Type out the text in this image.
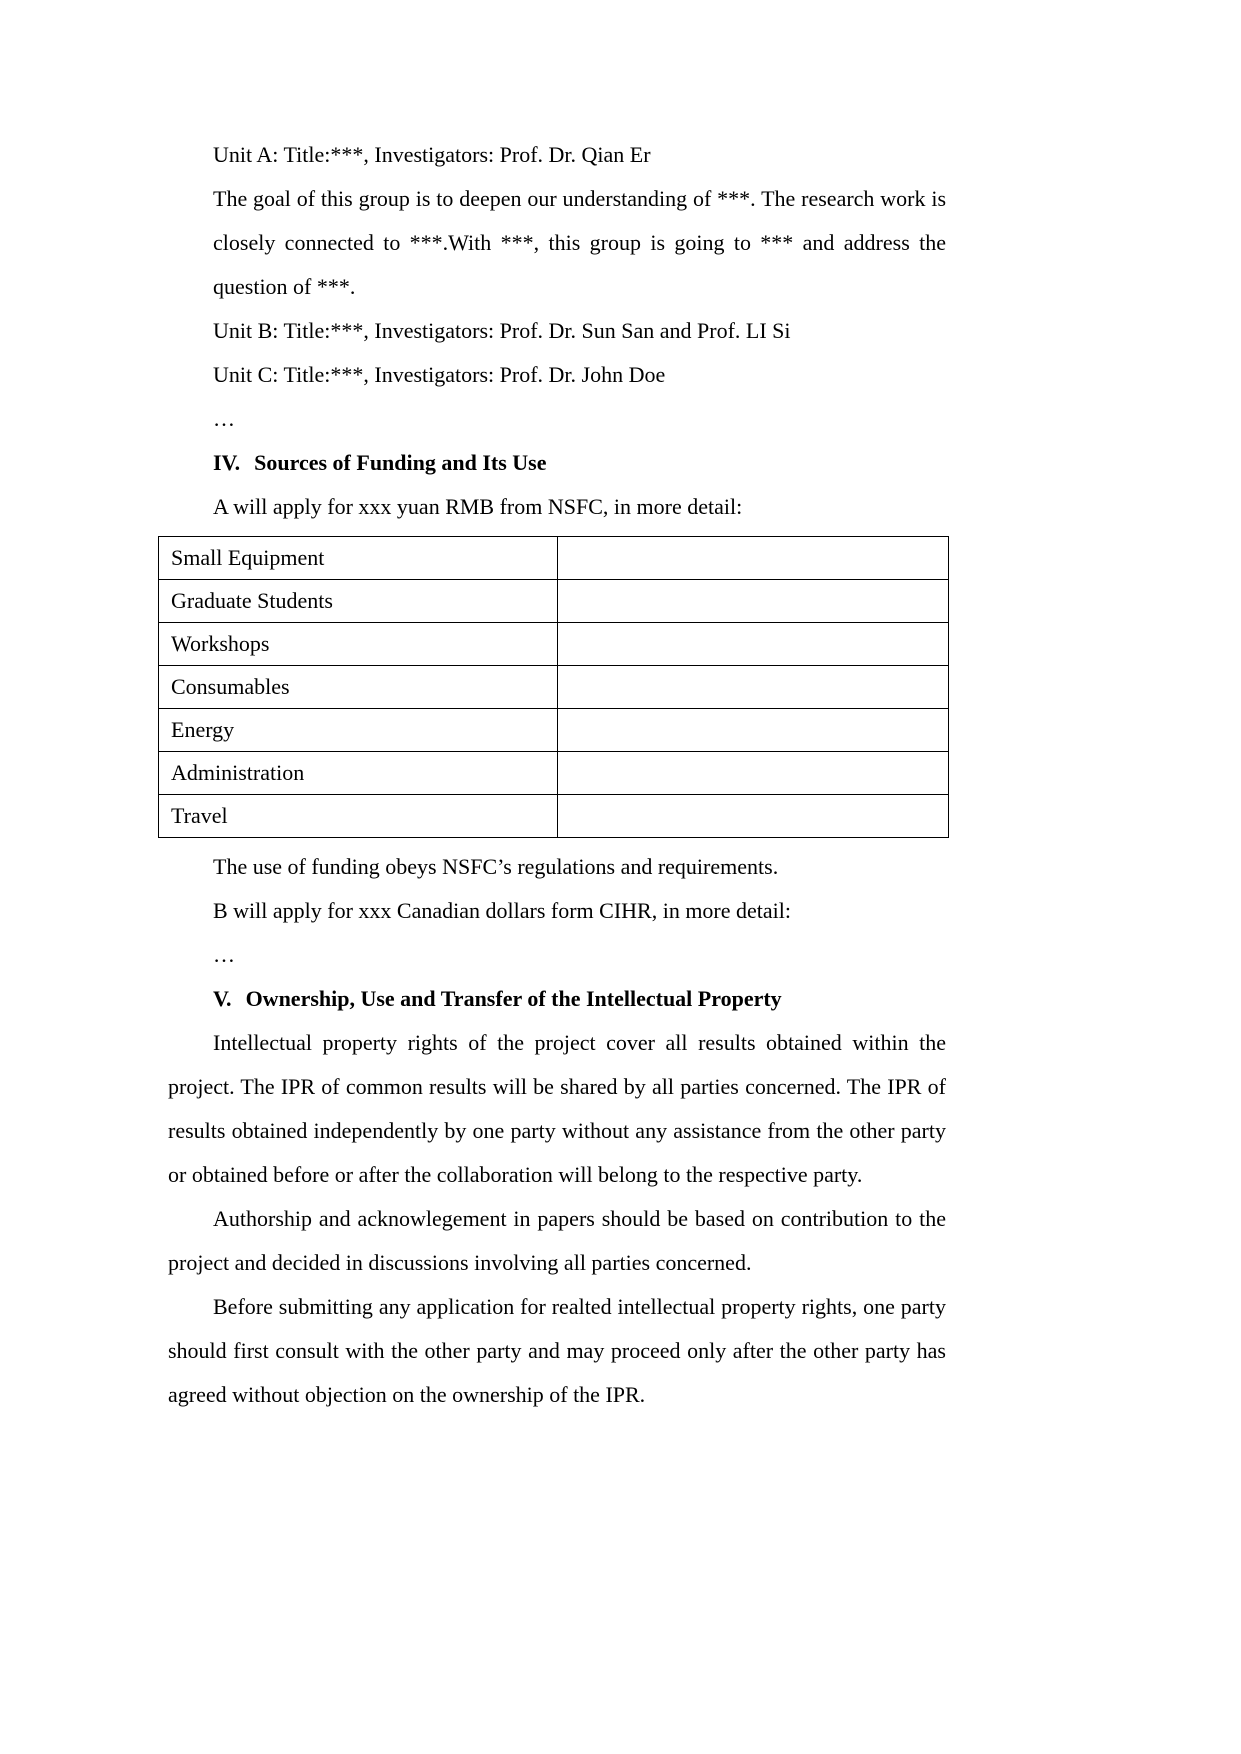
Unit A: Title:***, Investigators: Prof. Dr. Qian Er

The goal of this group is to deepen our understanding of ***. The research work is closely connected to ***.With ***, this group is going to *** and address the question of ***.

Unit B: Title:***, Investigators: Prof. Dr. Sun San and Prof. LI Si

Unit C: Title:***, Investigators: Prof. Dr. John Doe

…

IV. Sources of Funding and Its Use

A will apply for xxx yuan RMB from NSFC, in more detail:

Small Equipment	
Graduate Students	
Workshops	
Consumables	
Energy	
Administration	
Travel	

The use of funding obeys NSFC’s regulations and requirements.

B will apply for xxx Canadian dollars form CIHR, in more detail:

…

V. Ownership, Use and Transfer of the Intellectual Property

Intellectual property rights of the project cover all results obtained within the project. The IPR of common results will be shared by all parties concerned. The IPR of results obtained independently by one party without any assistance from the other party or obtained before or after the collaboration will belong to the respective party.

Authorship and acknowlegement in papers should be based on contribution to the project and decided in discussions involving all parties concerned.

Before submitting any application for realted intellectual property rights, one party should first consult with the other party and may proceed only after the other party has agreed without objection on the ownership of the IPR.
